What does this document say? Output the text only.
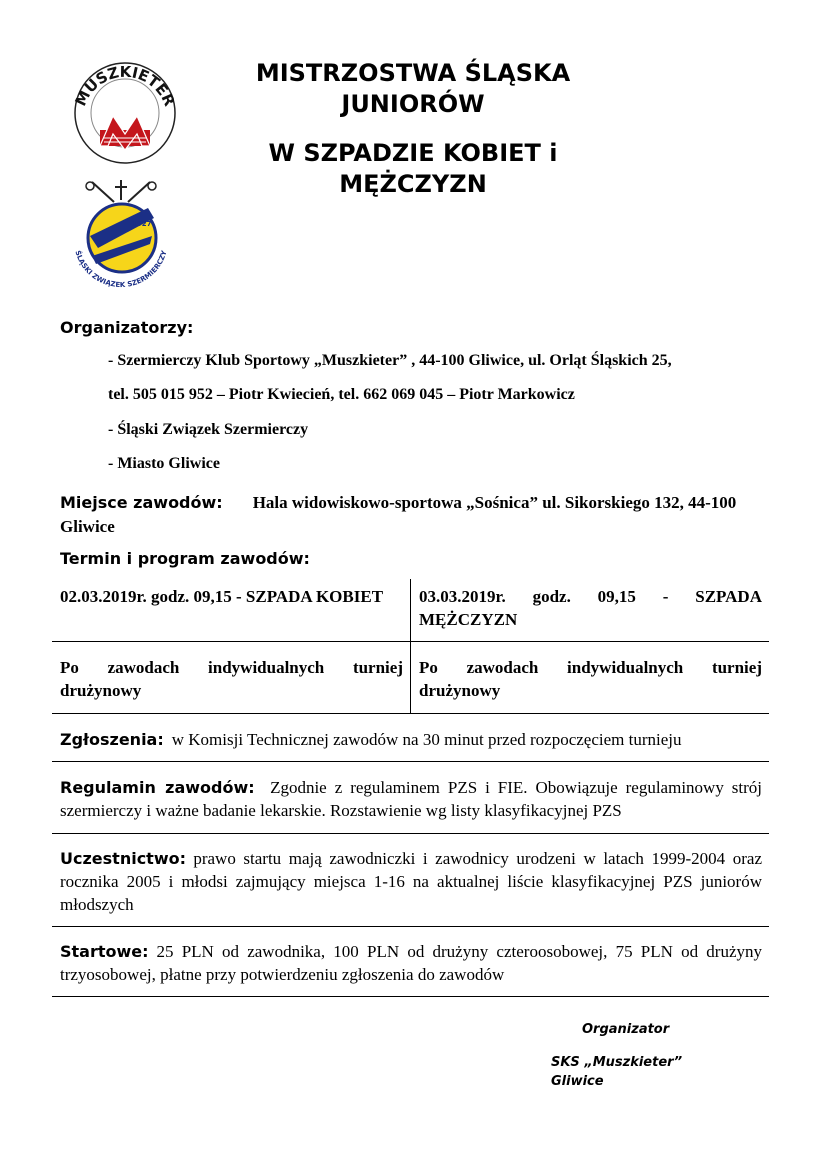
MUSZKIETER
1927
ŚLĄSKI ZWIĄZEK SZERMIERCZY
MISTRZOSTWA ŚLĄSKA
JUNIORÓW
W SZPADZIE KOBIET i
MĘŻCZYZN
Organizatorzy:
- Szermierczy Klub Sportowy „Muszkieter” , 44-100 Gliwice, ul. Orląt Śląskich 25,
tel. 505 015 952 – Piotr Kwiecień, tel. 662 069 045 – Piotr Markowicz
- Śląski Związek Szermierczy
- Miasto Gliwice
Miejsce zawodów: Hala widowiskowo-sportowa „Sośnica” ul. Sikorskiego 132, 44-100 Gliwice
Termin i program zawodów:
02.03.2019r. godz. 09,15 - SZPADA KOBIET	03.03.2019r. godz. 09,15 - SZPADA MĘŻCZYZN
Po zawodach indywidualnych turniej drużynowy
Po zawodach indywidualnych turniej drużynowy
Zgłoszenia: w Komisji Technicznej zawodów na 30 minut przed rozpoczęciem turnieju
Regulamin zawodów: Zgodnie z regulaminem PZS i FIE. Obowiązuje regulaminowy strój szermierczy i ważne badanie lekarskie. Rozstawienie wg listy klasyfikacyjnej PZS
Uczestnictwo: prawo startu mają zawodniczki i zawodnicy urodzeni w latach 1999-2004 oraz rocznika 2005 i młodsi zajmujący miejsca 1-16 na aktualnej liście klasyfikacyjnej PZS juniorów młodszych
Startowe: 25 PLN od zawodnika, 100 PLN od drużyny czteroosobowej, 75 PLN od drużyny trzyosobowej, płatne przy potwierdzeniu zgłoszenia do zawodów
Organizator
SKS „Muszkieter”
Gliwice
